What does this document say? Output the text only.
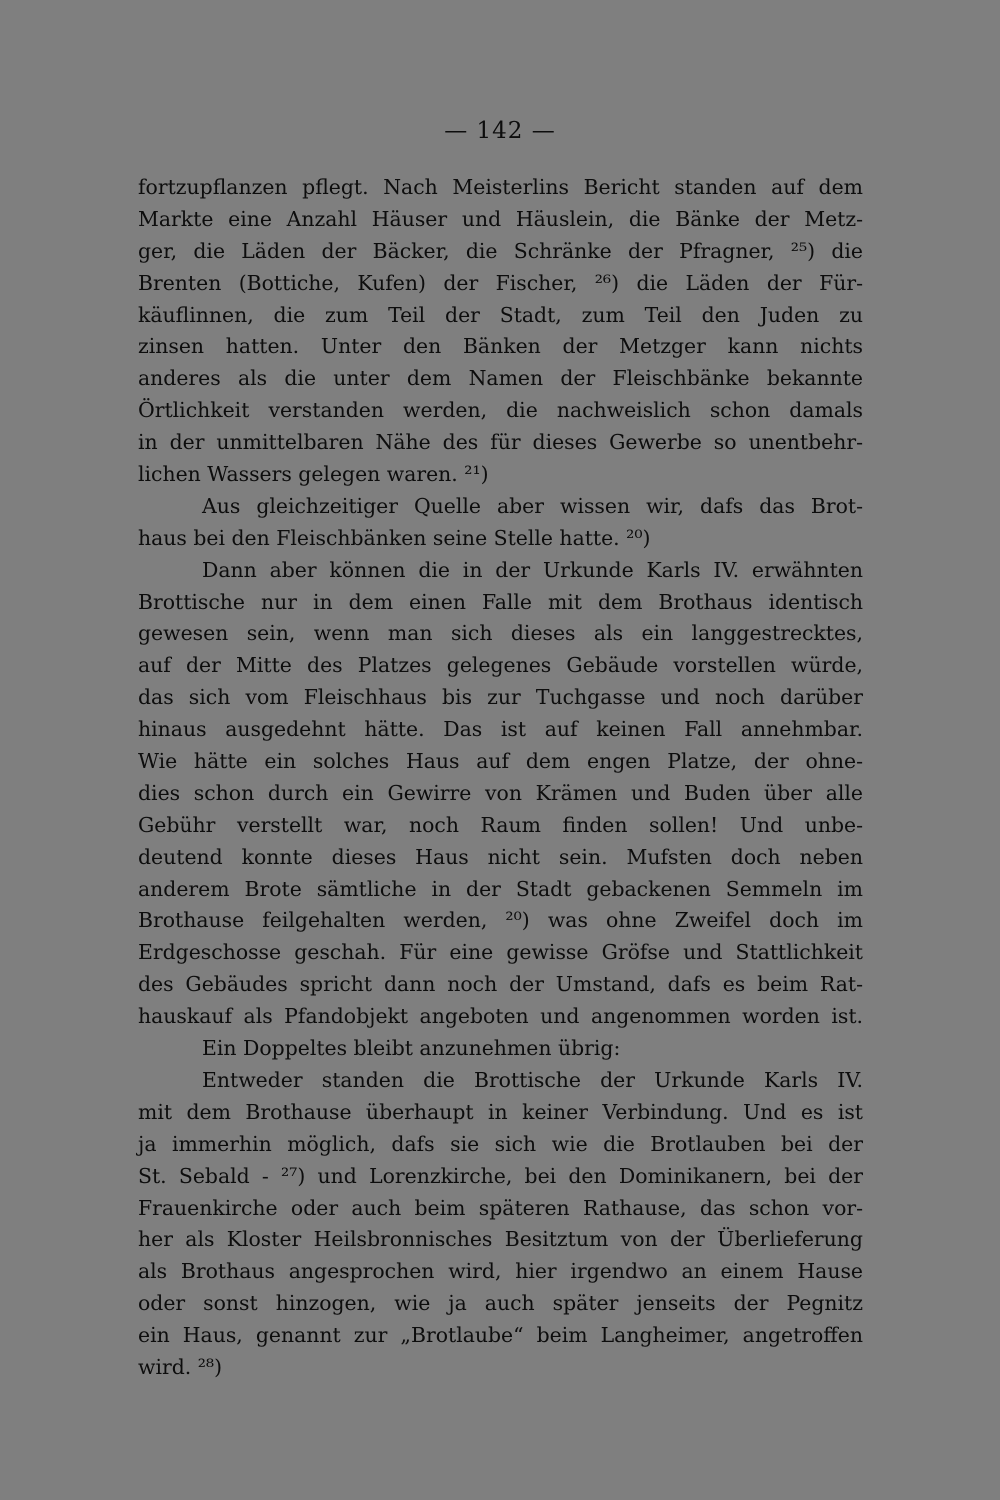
— 142 —
fortzupflanzen pflegt. Nach Meisterlins Bericht standen auf dem
Markte eine Anzahl Häuser und Häuslein, die Bänke der Metz-
ger, die Läden der Bäcker, die Schränke der Pfragner, ²⁵) die
Brenten (Bottiche, Kufen) der Fischer, ²⁶) die Läden der Für-
käuflinnen, die zum Teil der Stadt, zum Teil den Juden zu
zinsen hatten. Unter den Bänken der Metzger kann nichts
anderes als die unter dem Namen der Fleischbänke bekannte
Örtlichkeit verstanden werden, die nachweislich schon damals
in der unmittelbaren Nähe des für dieses Gewerbe so unentbehr-
lichen Wassers gelegen waren. ²¹)
Aus gleichzeitiger Quelle aber wissen wir, dafs das Brot-
haus bei den Fleischbänken seine Stelle hatte. ²⁰)
Dann aber können die in der Urkunde Karls IV. erwähnten
Brottische nur in dem einen Falle mit dem Brothaus identisch
gewesen sein, wenn man sich dieses als ein langgestrecktes,
auf der Mitte des Platzes gelegenes Gebäude vorstellen würde,
das sich vom Fleischhaus bis zur Tuchgasse und noch darüber
hinaus ausgedehnt hätte. Das ist auf keinen Fall annehmbar.
Wie hätte ein solches Haus auf dem engen Platze, der ohne-
dies schon durch ein Gewirre von Krämen und Buden über alle
Gebühr verstellt war, noch Raum finden sollen! Und unbe-
deutend konnte dieses Haus nicht sein. Mufsten doch neben
anderem Brote sämtliche in der Stadt gebackenen Semmeln im
Brothause feilgehalten werden, ²⁰) was ohne Zweifel doch im
Erdgeschosse geschah. Für eine gewisse Gröfse und Stattlichkeit
des Gebäudes spricht dann noch der Umstand, dafs es beim Rat-
hauskauf als Pfandobjekt angeboten und angenommen worden ist.
Ein Doppeltes bleibt anzunehmen übrig:
Entweder standen die Brottische der Urkunde Karls IV.
mit dem Brothause überhaupt in keiner Verbindung. Und es ist
ja immerhin möglich, dafs sie sich wie die Brotlauben bei der
St. Sebald - ²⁷) und Lorenzkirche, bei den Dominikanern, bei der
Frauenkirche oder auch beim späteren Rathause, das schon vor-
her als Kloster Heilsbronnisches Besitztum von der Überlieferung
als Brothaus angesprochen wird, hier irgendwo an einem Hause
oder sonst hinzogen, wie ja auch später jenseits der Pegnitz
ein Haus, genannt zur „Brotlaube“ beim Langheimer, angetroffen
wird. ²⁸)
